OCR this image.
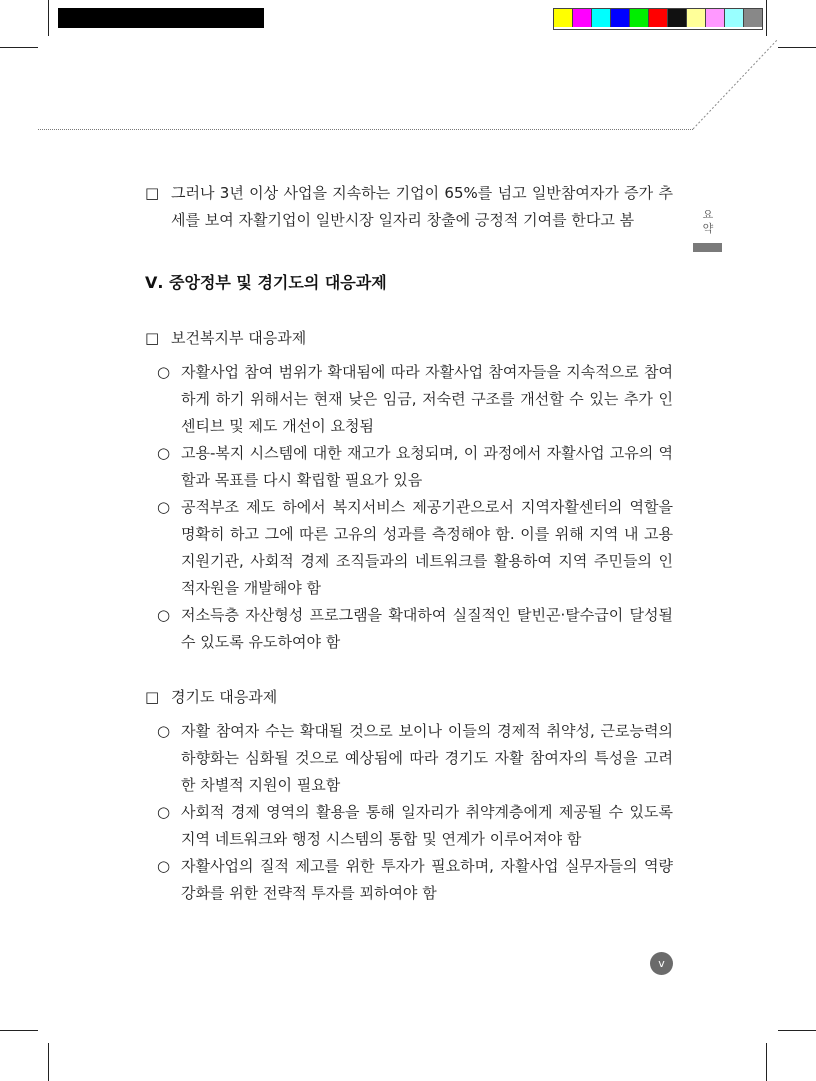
요
약
□ 그러나 3년 이상 사업을 지속하는 기업이 65%를 넘고 일반참여자가 증가 추세를 보여 자활기업이 일반시장 일자리 창출에 긍정적 기여를 한다고 봄
Ⅴ. 중앙정부 및 경기도의 대응과제
□ 보건복지부 대응과제
○ 자활사업 참여 범위가 확대됨에 따라 자활사업 참여자들을 지속적으로 참여하게 하기 위해서는 현재 낮은 임금, 저숙련 구조를 개선할 수 있는 추가 인센티브 및 제도 개선이 요청됨
○ 고용-복지 시스템에 대한 재고가 요청되며, 이 과정에서 자활사업 고유의 역할과 목표를 다시 확립할 필요가 있음
○ 공적부조 제도 하에서 복지서비스 제공기관으로서 지역자활센터의 역할을 명확히 하고 그에 따른 고유의 성과를 측정해야 함. 이를 위해 지역 내 고용지원기관, 사회적 경제 조직들과의 네트워크를 활용하여 지역 주민들의 인적자원을 개발해야 함
○ 저소득층 자산형성 프로그램을 확대하여 실질적인 탈빈곤·탈수급이 달성될 수 있도록 유도하여야 함
□ 경기도 대응과제
○ 자활 참여자 수는 확대될 것으로 보이나 이들의 경제적 취약성, 근로능력의 하향화는 심화될 것으로 예상됨에 따라 경기도 자활 참여자의 특성을 고려한 차별적 지원이 필요함
○ 사회적 경제 영역의 활용을 통해 일자리가 취약계층에게 제공될 수 있도록 지역 네트워크와 행정 시스템의 통합 및 연계가 이루어져야 함
○ 자활사업의 질적 제고를 위한 투자가 필요하며, 자활사업 실무자들의 역량 강화를 위한 전략적 투자를 꾀하여야 함
v
